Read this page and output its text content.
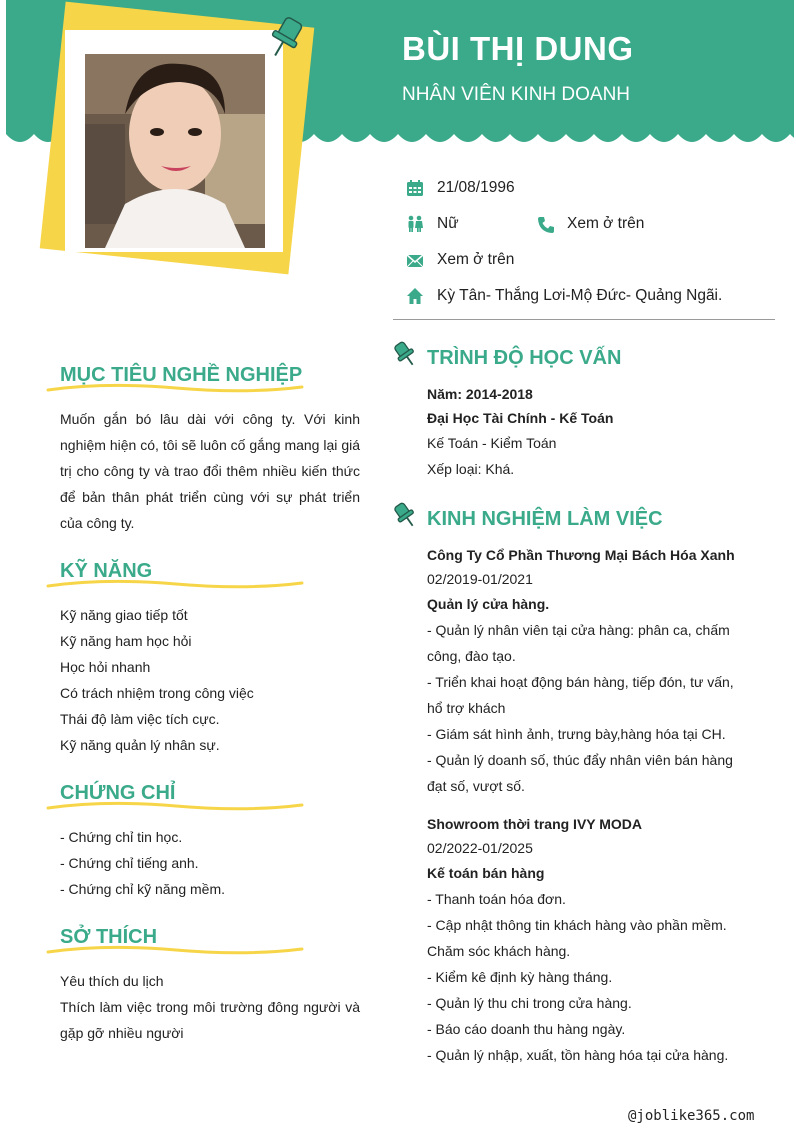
BÙI THỊ DUNG
NHÂN VIÊN KINH DOANH
21/08/1996
Nữ	Xem ở trên
Xem ở trên
Kỳ Tân- Thắng Lơi-Mộ Đức- Quảng Ngãi.
MỤC TIÊU NGHỀ NGHIỆP
Muốn gắn bó lâu dài với công ty. Với kinh nghiệm hiện có, tôi sẽ luôn cố gắng mang lại giá trị cho công ty và trao đổi thêm nhiều kiến thức để bản thân phát triển cùng với sự phát triển của công ty.
KỸ NĂNG
Kỹ năng giao tiếp tốt
Kỹ năng ham học hỏi
Học hỏi nhanh
Có trách nhiệm trong công việc
Thái độ làm việc tích cực.
Kỹ năng quản lý nhân sự.
CHỨNG CHỈ
- Chứng chỉ tin học.
- Chứng chỉ tiếng anh.
- Chứng chỉ kỹ năng mềm.
SỞ THÍCH
Yêu thích du lịch
Thích làm việc trong môi trường đông người và gặp gỡ nhiều người
TRÌNH ĐỘ HỌC VẤN
Năm: 2014-2018
Đại Học Tài Chính - Kế Toán
Kế Toán - Kiểm Toán
Xếp loại: Khá.
KINH NGHIỆM LÀM VIỆC
Công Ty Cổ Phần Thương Mại Bách Hóa Xanh
02/2019-01/2021
Quản lý cửa hàng.
- Quản lý nhân viên tại cửa hàng: phân ca, chấm công, đào tạo.
- Triển khai hoạt động bán hàng, tiếp đón, tư vấn, hổ trợ khách
- Giám sát hình ảnh, trưng bày,hàng hóa tại CH.
- Quản lý doanh số, thúc đẩy nhân viên bán hàng đạt số, vượt số.
Showroom thời trang IVY MODA
02/2022-01/2025
Kế toán bán hàng
- Thanh toán hóa đơn.
- Cập nhật thông tin khách hàng vào phần mềm. Chăm sóc khách hàng.
- Kiểm kê định kỳ hàng tháng.
- Quản lý thu chi trong cửa hàng.
- Báo cáo doanh thu hàng ngày.
- Quản lý nhập, xuất, tồn hàng hóa tại cửa hàng.
@joblike365.com
